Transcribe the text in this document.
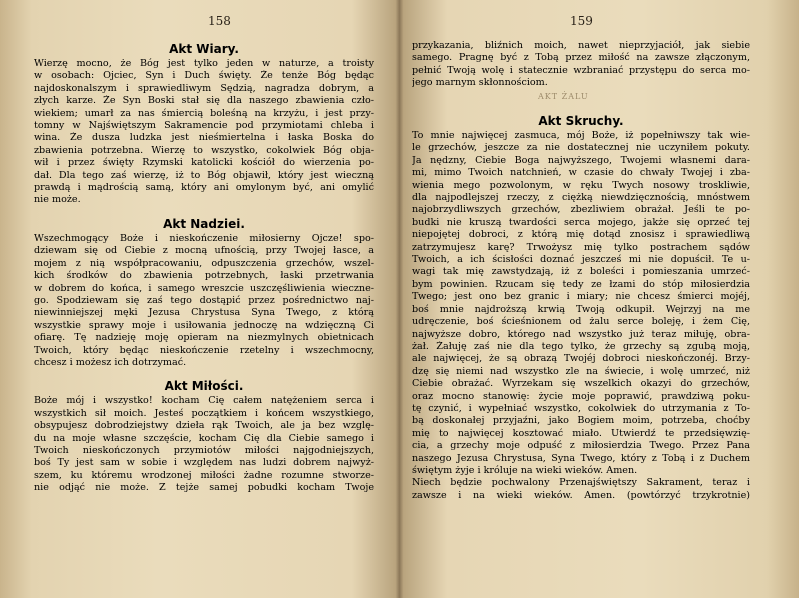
158
Akt Wiary.
Wierzę mocno, że Bóg jest tylko jeden w naturze, a troisty
w osobach: Ojciec, Syn i Duch święty. Że tenże Bóg będąc
najdoskonalszym i sprawiedliwym Sędzią, nagradza dobrym, a
złych karze. Że Syn Boski stał się dla naszego zbawienia czło-
wiekiem; umarł za nas śmiercią boleśną na krzyżu, i jest przy-
tomny w Najświętszym Sakramencie pod przymiotami chleba i
wina. Że dusza ludzka jest nieśmiertelna i łaska Boska do
zbawienia potrzebna. Wierzę to wszystko, cokolwiek Bóg obja-
wił i przez święty Rzymski katolicki kościół do wierzenia po-
dał. Dla tego zaś wierzę, iż to Bóg objawił, który jest wieczną
prawdą i mądrością samą, który ani omylonym być, ani omylić
nie może.
Akt Nadziei.
Wszechmogący Boże i nieskończenie miłosierny Ojcze! spo-
dziewam się od Ciebie z mocną ufnością, przy Twojej łasce, a
mojem z nią współpracowaniu, odpuszczenia grzechów, wszel-
kich środków do zbawienia potrzebnych, łaski przetrwania
w dobrem do końca, i samego wreszcie uszczęśliwienia wieczne-
go. Spodziewam się zaś tego dostąpić przez pośrednictwo naj-
niewinniejszej męki Jezusa Chrystusa Syna Twego, z którą
wszystkie sprawy moje i usiłowania jednoczę na wdzięczną Ci
ofiarę. Tę nadzieję moję opieram na niezmylnych obietnicach
Twoich, który będąc nieskończenie rzetelny i wszechmocny,
chcesz i możesz ich dotrzymać.
Akt Miłości.
Boże mój i wszystko! kocham Cię całem natężeniem serca i
wszystkich sił moich. Jesteś początkiem i końcem wszystkiego,
obsypujesz dobrodziejstwy dzieła rąk Twoich, ale ja bez wzglę-
du na moje własne szczęście, kocham Cię dla Ciebie samego i
Twoich nieskończonych przymiotów miłości najgodniejszych,
boś Ty jest sam w sobie i względem nas ludzi dobrem najwyż-
szem, ku któremu wrodzonej miłości żadne rozumne stworze-
nie odjąć nie może. Z tejże samej pobudki kocham Twoje
159
przykazania, bliźnich moich, nawet nieprzyjaciół, jak siebie
samego. Pragnę być z Tobą przez miłość na zawsze złączonym,
pełnić Twoją wolę i statecznie wzbraniać przystępu do serca mo-
jego marnym skłonnościom.
AKT ŻALU
Akt Skruchy.
To mnie najwięcej zasmuca, mój Boże, iż popełniwszy tak wie-
le grzechów, jeszcze za nie dostatecznej nie uczyniłem pokuty.
Ja nędzny, Ciebie Boga najwyższego, Twojemi własnemi dara-
mi, mimo Twoich natchnień, w czasie do chwały Twojej i zba-
wienia mego pozwolonym, w ręku Twych nosowy troskliwie,
dla najpodlejszej rzeczy, z ciężką niewdzięcznością, mnóstwem
najobrzydliwszych grzechów, zbezliwiem obrażał. Jeśli te po-
budki nie kruszą twardości serca mojego, jakże się oprzeć tej
niepojętej dobroci, z którą mię dotąd znosisz i sprawiedliwą
zatrzymujesz karę? Trwożysz mię tylko postrachem sądów
Twoich, a ich ścisłości doznać jeszcześ mi nie dopuścił. Te u-
wagi tak mię zawstydzają, iż z boleści i pomieszania umrzeć-
bym powinien. Rzucam się tedy ze łzami do stóp miłosierdzia
Twego; jest ono bez granic i miary; nie chcesz śmierci mojéj,
boś mnie najdroższą krwią Twoją odkupił. Wejrzyj na me
udręczenie, boś ścieśnionem od żalu serce boleję, i żem Cię,
najwyższe dobro, którego nad wszystko już teraz miłuję, obra-
żał. Żałuję zaś nie dla tego tylko, że grzechy są zgubą moją,
ale najwięcej, że są obrazą Twojéj dobroci nieskończonéj. Brzy-
dzę się niemi nad wszystko zle na świecie, i wolę umrzeć, niż
Ciebie obrażać. Wyrzekam się wszelkich okazyi do grzechów,
oraz mocno stanowię: życie moje poprawić, prawdziwą poku-
tę czynić, i wypełniać wszystko, cokolwiek do utrzymania z To-
bą doskonałej przyjaźni, jako Bogiem moim, potrzeba, choćby
mię to najwięcej kosztować miało. Utwierdź te przedsięwzię-
cia, a grzechy moje odpuść z miłosierdzia Twego. Przez Pana
naszego Jezusa Chrystusa, Syna Twego, który z Tobą i z Duchem
świętym żyje i króluje na wieki wieków. Amen.
Niech będzie pochwalony Przenajświętszy Sakrament, teraz i
zawsze i na wieki wieków. Amen. (powtórzyć trzykrotnie)
